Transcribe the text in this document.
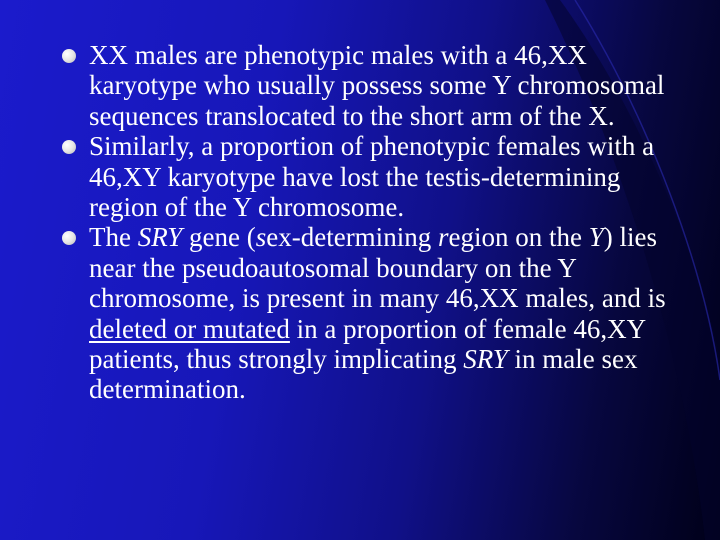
XX males are phenotypic males with a 46,XX karyotype who usually possess some Y chromosomal sequences translocated to the short arm of the X.
Similarly, a proportion of phenotypic females with a 46,XY karyotype have lost the testis-determining region of the Y chromosome.
The SRY gene (sex-determining region on the Y) lies near the pseudoautosomal boundary on the Y chromosome, is present in many 46,XX males, and is deleted or mutated in a proportion of female 46,XY patients, thus strongly implicating SRY in male sex determination.
